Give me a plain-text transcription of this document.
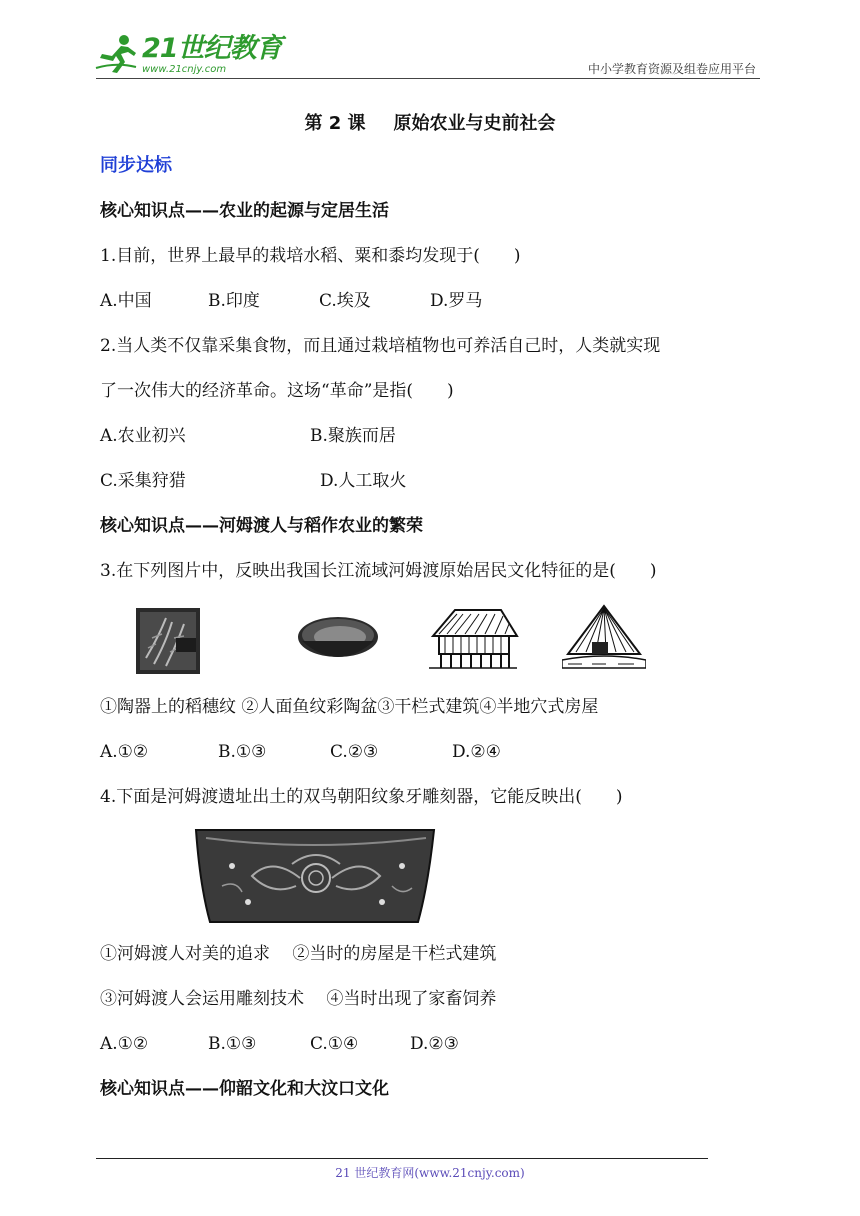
21世纪教育
www.21cnjy.com	中小学教育资源及组卷应用平台
第 2 课 原始农业与史前社会
同步达标
核心知识点——农业的起源与定居生活
1.目前，世界上最早的栽培水稻、粟和黍均发现于(　　)
A.中国	B.印度	C.埃及	D.罗马
2.当人类不仅靠采集食物，而且通过栽培植物也可养活自己时，人类就实现
了一次伟大的经济革命。这场“革命”是指(　　)
A.农业初兴	B.聚族而居
C.采集狩猎	D.人工取火
核心知识点——河姆渡人与稻作农业的繁荣
3.在下列图片中，反映出我国长江流域河姆渡原始居民文化特征的是(　　)
①陶器上的稻穗纹 ②人面鱼纹彩陶盆③干栏式建筑④半地穴式房屋
A.①②	B.①③	C.②③	D.②④
4.下面是河姆渡遗址出土的双鸟朝阳纹象牙雕刻器，它能反映出(　　)
①河姆渡人对美的追求　 ②当时的房屋是干栏式建筑
③河姆渡人会运用雕刻技术　 ④当时出现了家畜饲养
A.①②	B.①③	C.①④	D.②③
核心知识点——仰韶文化和大汶口文化
21 世纪教育网(www.21cnjy.com)
